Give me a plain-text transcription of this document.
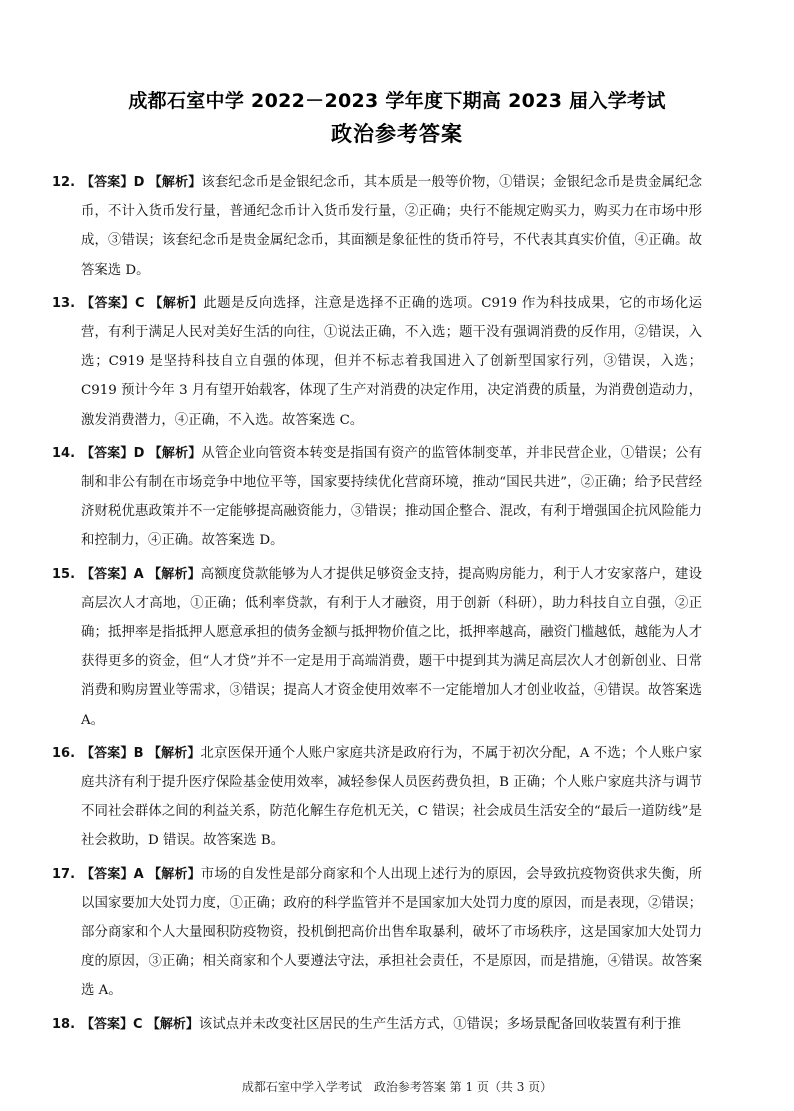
成都石室中学 2022－2023 学年度下期高 2023 届入学考试
政治参考答案
12. 【答案】D 【解析】该套纪念币是金银纪念币，其本质是一般等价物，①错误；金银纪念币是贵金属纪念币，不计入货币发行量，普通纪念币计入货币发行量，②正确；央行不能规定购买力，购买力在市场中形成，③错误；该套纪念币是贵金属纪念币，其面额是象征性的货币符号，不代表其真实价值，④正确。故答案选 D。
13. 【答案】C 【解析】此题是反向选择，注意是选择不正确的选项。C919 作为科技成果，它的市场化运营，有利于满足人民对美好生活的向往，①说法正确，不入选；题干没有强调消费的反作用，②错误，入选；C919 是坚持科技自立自强的体现，但并不标志着我国进入了创新型国家行列，③错误，入选；C919 预计今年 3 月有望开始载客，体现了生产对消费的决定作用，决定消费的质量，为消费创造动力，激发消费潜力，④正确，不入选。故答案选 C。
14. 【答案】D 【解析】从管企业向管资本转变是指国有资产的监管体制变革，并非民营企业，①错误；公有制和非公有制在市场竞争中地位平等，国家要持续优化营商环境，推动“国民共进”，②正确；给予民营经济财税优惠政策并不一定能够提高融资能力，③错误；推动国企整合、混改，有利于增强国企抗风险能力和控制力，④正确。故答案选 D。
15. 【答案】A 【解析】高额度贷款能够为人才提供足够资金支持，提高购房能力，利于人才安家落户，建设高层次人才高地，①正确；低利率贷款，有利于人才融资，用于创新（科研），助力科技自立自强，②正确；抵押率是指抵押人愿意承担的债务金额与抵押物价值之比，抵押率越高，融资门槛越低，越能为人才获得更多的资金，但“人才贷”并不一定是用于高端消费，题干中提到其为满足高层次人才创新创业、日常消费和购房置业等需求，③错误；提高人才资金使用效率不一定能增加人才创业收益，④错误。故答案选 A。
16. 【答案】B 【解析】北京医保开通个人账户家庭共济是政府行为，不属于初次分配，A 不选；个人账户家庭共济有利于提升医疗保险基金使用效率，减轻参保人员医药费负担，B 正确；个人账户家庭共济与调节不同社会群体之间的利益关系，防范化解生存危机无关，C 错误；社会成员生活安全的“最后一道防线”是社会救助，D 错误。故答案选 B。
17. 【答案】A 【解析】市场的自发性是部分商家和个人出现上述行为的原因，会导致抗疫物资供求失衡，所以国家要加大处罚力度，①正确；政府的科学监管并不是国家加大处罚力度的原因，而是表现，②错误；部分商家和个人大量囤积防疫物资，投机倒把高价出售牟取暴利，破坏了市场秩序，这是国家加大处罚力度的原因，③正确；相关商家和个人要遵法守法，承担社会责任，不是原因，而是措施，④错误。故答案选 A。
18. 【答案】C 【解析】该试点并未改变社区居民的生产生活方式，①错误；多场景配备回收装置有利于推
成都石室中学入学考试　政治参考答案 第 1 页（共 3 页）
